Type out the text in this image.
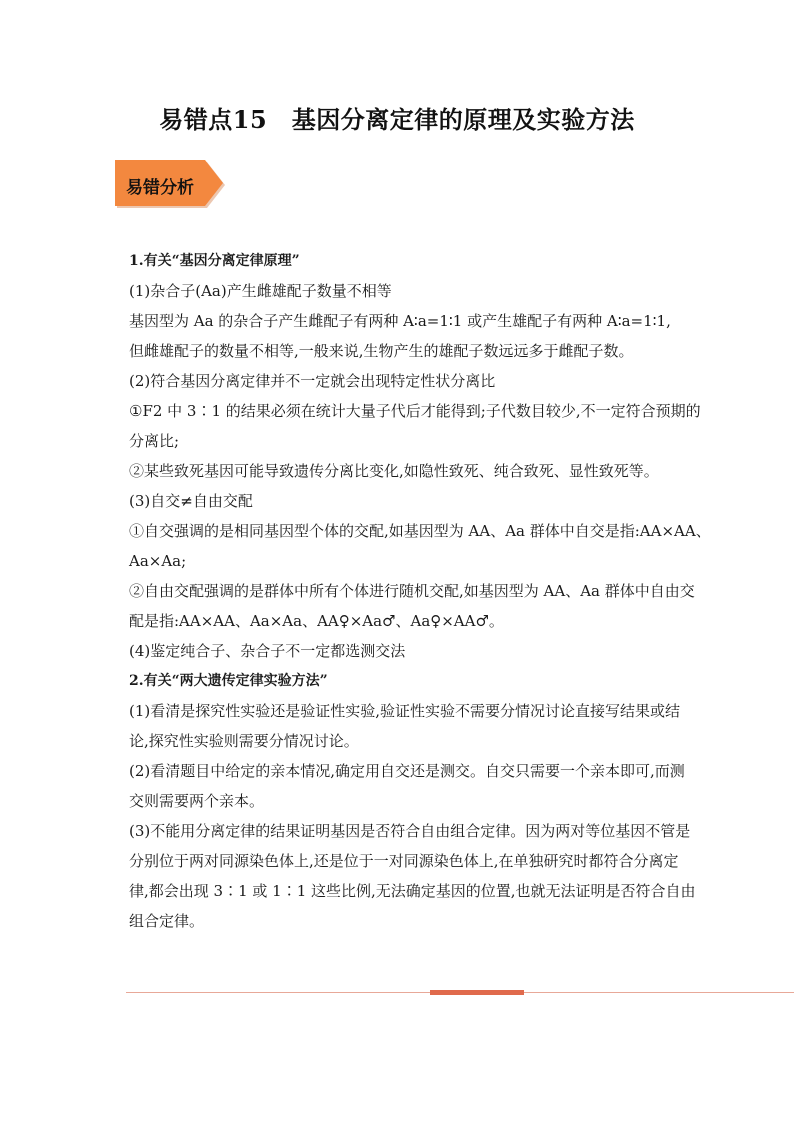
易错点15　基因分离定律的原理及实验方法
易错分析
1.有关“基因分离定律原理”
(1)杂合子(Aa)产生雌雄配子数量不相等
基因型为 Aa 的杂合子产生雌配子有两种 A∶a=1∶1 或产生雄配子有两种 A∶a=1∶1,
但雌雄配子的数量不相等,一般来说,生物产生的雄配子数远远多于雌配子数。
(2)符合基因分离定律并不一定就会出现特定性状分离比
①F2 中 3∶1 的结果必须在统计大量子代后才能得到;子代数目较少,不一定符合预期的
分离比;
②某些致死基因可能导致遗传分离比变化,如隐性致死、纯合致死、显性致死等。
(3)自交≠自由交配
①自交强调的是相同基因型个体的交配,如基因型为 AA、Aa 群体中自交是指:AA×AA、
Aa×Aa;
②自由交配强调的是群体中所有个体进行随机交配,如基因型为 AA、Aa 群体中自由交
配是指:AA×AA、Aa×Aa、AA♀×Aa♂、Aa♀×AA♂。
(4)鉴定纯合子、杂合子不一定都选测交法
2.有关“两大遗传定律实验方法”
(1)看清是探究性实验还是验证性实验,验证性实验不需要分情况讨论直接写结果或结
论,探究性实验则需要分情况讨论。
(2)看清题目中给定的亲本情况,确定用自交还是测交。自交只需要一个亲本即可,而测
交则需要两个亲本。
(3)不能用分离定律的结果证明基因是否符合自由组合定律。因为两对等位基因不管是
分别位于两对同源染色体上,还是位于一对同源染色体上,在单独研究时都符合分离定
律,都会出现 3∶1 或 1∶1 这些比例,无法确定基因的位置,也就无法证明是否符合自由
组合定律。
